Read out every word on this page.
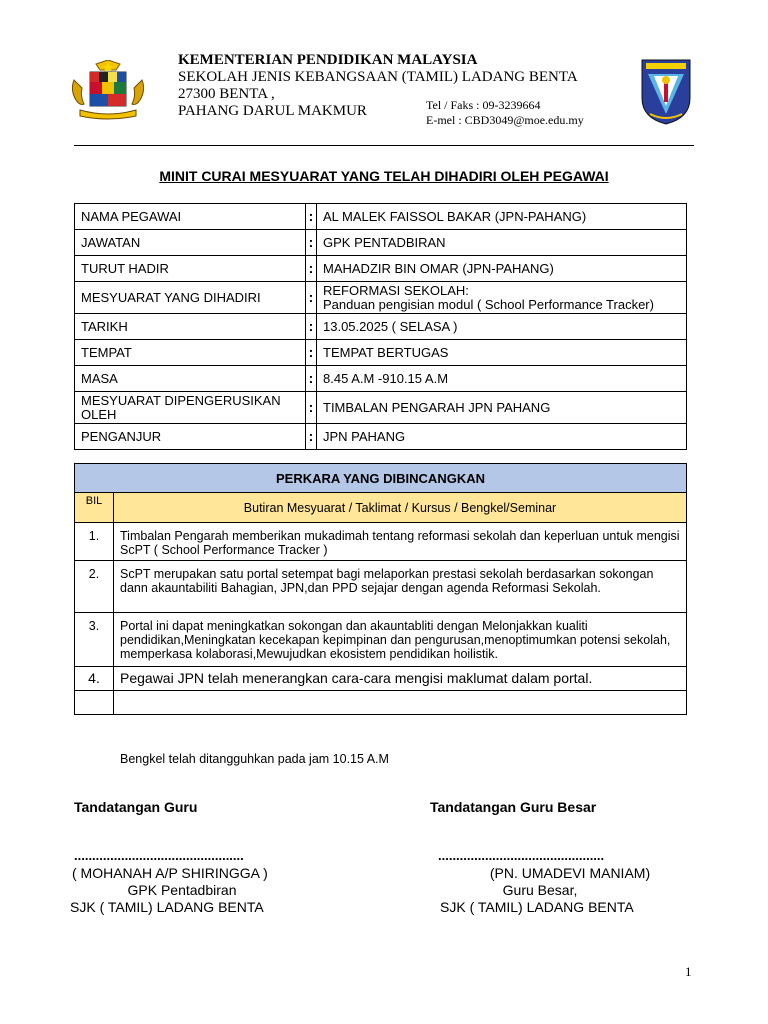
KEMENTERIAN PENDIDIKAN MALAYSIA
SEKOLAH JENIS KEBANGSAAN (TAMIL) LADANG BENTA
27300 BENTA ,
PAHANG DARUL MAKMUR	Tel / Faks : 09-3239664
E-mel : CBD3049@moe.edu.my
MINIT CURAI MESYUARAT YANG TELAH DIHADIRI OLEH PEGAWAI
NAMA PEGAWAI	:	AL MALEK FAISSOL BAKAR (JPN-PAHANG)
JAWATAN	:	GPK PENTADBIRAN
TURUT HADIR	:	MAHADZIR BIN OMAR (JPN-PAHANG)
MESYUARAT YANG DIHADIRI	:	REFORMASI SEKOLAH:
Panduan pengisian modul ( School Performance Tracker)

TARIKH	:	13.05.2025 ( SELASA )
TEMPAT	:	TEMPAT BERTUGAS
MASA	:	8.45 A.M -910.15 A.M
MESYUARAT DIPENGERUSIKAN OLEH	:	TIMBALAN PENGARAH JPN PAHANG
PENGANJUR	:	JPN PAHANG
PERKARA YANG DIBINCANGKAN	
BIL	Butiran Mesyuarat / Taklimat / Kursus / Bengkel/Seminar
1.	Timbalan Pengarah memberikan mukadimah tentang reformasi sekolah dan keperluan untuk mengisi ScPT ( School Performance Tracker )
2.	ScPT merupakan satu portal setempat bagi melaporkan prestasi sekolah berdasarkan sokongan dann akauntabiliti Bahagian, JPN,dan PPD sejajar dengan agenda Reformasi Sekolah.
3.	Portal ini dapat meningkatkan sokongan dan akauntabliti dengan Melonjakkan kualiti pendidikan,Meningkatan kecekapan kepimpinan dan pengurusan,menoptimumkan potensi sekolah, memperkasa kolaborasi,Mewujudkan ekosistem pendidikan hoilistik.
4.	Pegawai JPN telah menerangkan cara-cara mengisi maklumat dalam portal.

Bengkel telah ditangguhkan pada jam 10.15 A.M
Tandatangan Guru	Tandatangan Guru Besar
...............................................	..............................................
( MOHANAH A/P SHIRINGGA )
GPK Pentadbiran
SJK ( TAMIL) LADANG BENTA
(PN. UMADEVI MANIAM)
Guru Besar,
SJK ( TAMIL) LADANG BENTA
1
